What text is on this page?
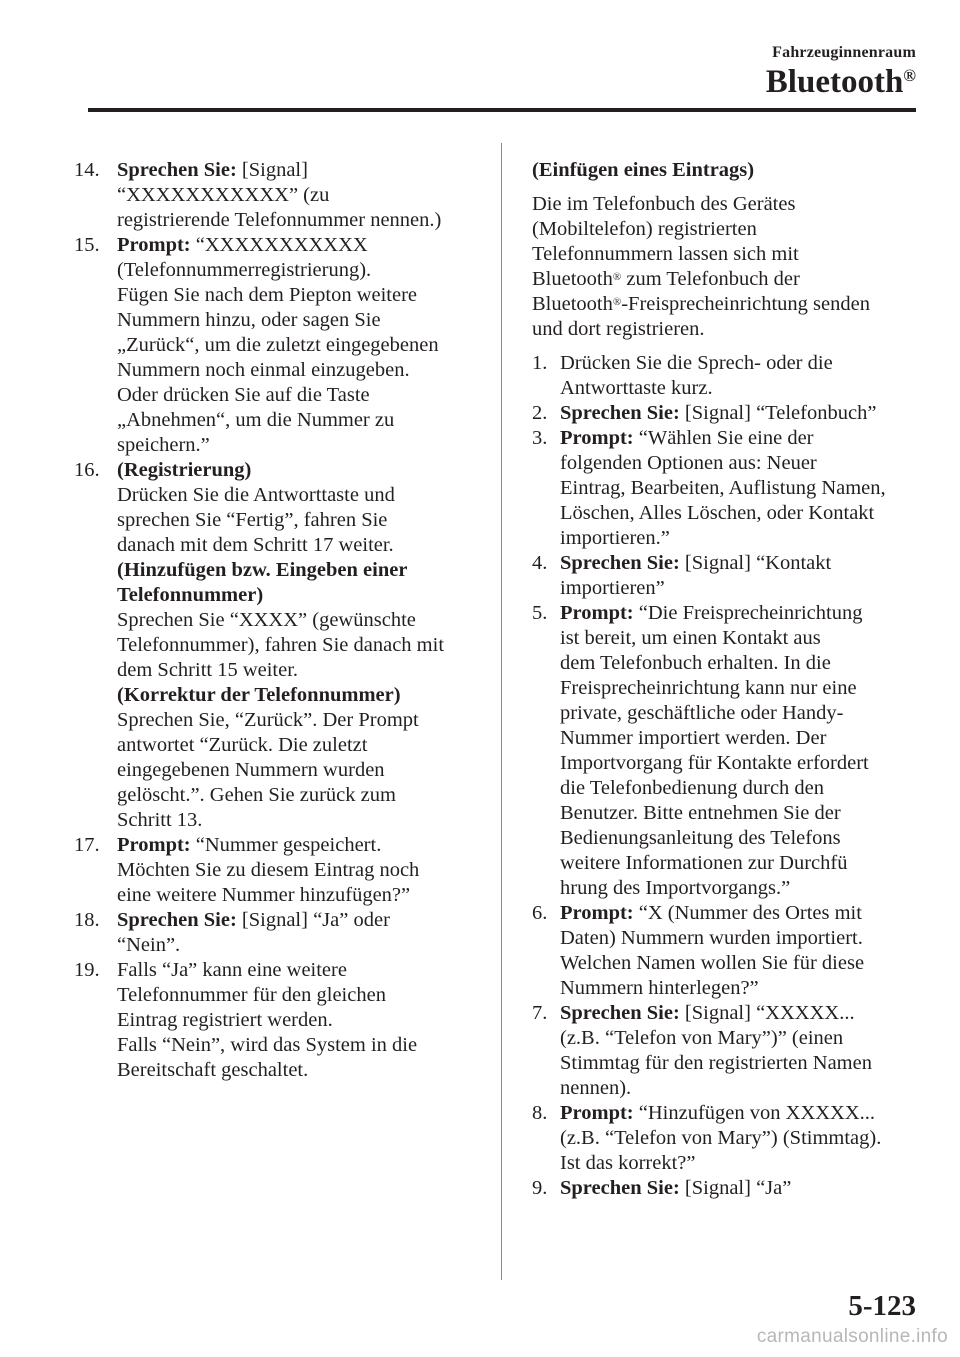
Fahrzeuginnenraum
Bluetooth®
14. Sprechen Sie: [Signal]
“XXXXXXXXXXX” (zu
registrierende Telefonnummer nennen.)
15. Prompt: “XXXXXXXXXXX
(Telefonnummerregistrierung).
Fügen Sie nach dem Piepton weitere
Nummern hinzu, oder sagen Sie
„Zurück“, um die zuletzt eingegebenen
Nummern noch einmal einzugeben.
Oder drücken Sie auf die Taste
„Abnehmen“, um die Nummer zu
speichern.”
16. (Registrierung)
Drücken Sie die Antworttaste und
sprechen Sie “Fertig”, fahren Sie
danach mit dem Schritt 17 weiter.
(Hinzufügen bzw. Eingeben einer
Telefonnummer)
Sprechen Sie “XXXX” (gewünschte
Telefonnummer), fahren Sie danach mit
dem Schritt 15 weiter.
(Korrektur der Telefonnummer)
Sprechen Sie, “Zurück”. Der Prompt
antwortet “Zurück. Die zuletzt
eingegebenen Nummern wurden
gelöscht.”. Gehen Sie zurück zum
Schritt 13.
17. Prompt: “Nummer gespeichert.
Möchten Sie zu diesem Eintrag noch
eine weitere Nummer hinzufügen?”
18. Sprechen Sie: [Signal] “Ja” oder
“Nein”.
19. Falls “Ja” kann eine weitere
Telefonnummer für den gleichen
Eintrag registriert werden.
Falls “Nein”, wird das System in die
Bereitschaft geschaltet.

(Einfügen eines Eintrags)

Die im Telefonbuch des Gerätes
(Mobiltelefon) registrierten
Telefonnummern lassen sich mit
Bluetooth® zum Telefonbuch der
Bluetooth®-Freisprecheinrichtung senden
und dort registrieren.
1. Drücken Sie die Sprech- oder die
Antworttaste kurz.
2. Sprechen Sie: [Signal] “Telefonbuch”
3. Prompt: “Wählen Sie eine der
folgenden Optionen aus: Neuer
Eintrag, Bearbeiten, Auflistung Namen,
Löschen, Alles Löschen, oder Kontakt
importieren.”
4. Sprechen Sie: [Signal] “Kontakt
importieren”
5. Prompt: “Die Freisprecheinrichtung
ist bereit, um einen Kontakt aus
dem Telefonbuch erhalten. In die
Freisprecheinrichtung kann nur eine
private, geschäftliche oder Handy-
Nummer importiert werden. Der
Importvorgang für Kontakte erfordert
die Telefonbedienung durch den
Benutzer. Bitte entnehmen Sie der
Bedienungsanleitung des Telefons
weitere Informationen zur Durchfü
hrung des Importvorgangs.”
6. Prompt: “X (Nummer des Ortes mit
Daten) Nummern wurden importiert.
Welchen Namen wollen Sie für diese
Nummern hinterlegen?”
7. Sprechen Sie: [Signal] “XXXXX...
(z.B. “Telefon von Mary”)” (einen
Stimmtag für den registrierten Namen
nennen).
8. Prompt: “Hinzufügen von XXXXX...
(z.B. “Telefon von Mary”) (Stimmtag).
Ist das korrekt?”
9. Sprechen Sie: [Signal] “Ja”
5-123
carmanualsonline.info
